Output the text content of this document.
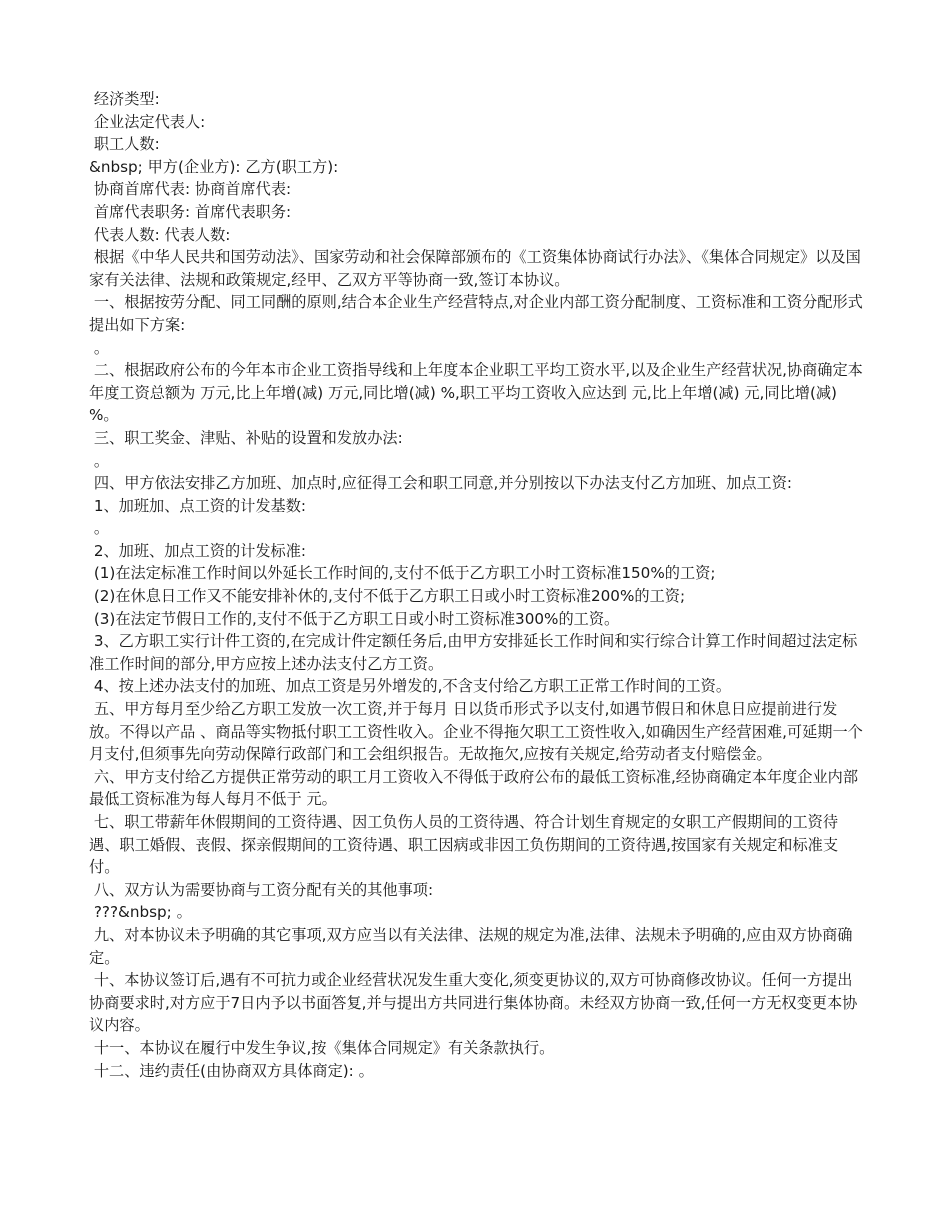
经济类型:

企业法定代表人:

职工人数:

&nbsp; 甲方(企业方): 乙方(职工方):

协商首席代表: 协商首席代表:

首席代表职务: 首席代表职务:

代表人数: 代表人数:

根据《中华人民共和国劳动法》、国家劳动和社会保障部颁布的《工资集体协商试行办法》、《集体合同规定》以及国家有关法律、法规和政策规定,经甲、乙双方平等协商一致,签订本协议。

一、根据按劳分配、同工同酬的原则,结合本企业生产经营特点,对企业内部工资分配制度、工资标准和工资分配形式提出如下方案:

。

二、根据政府公布的今年本市企业工资指导线和上年度本企业职工平均工资水平,以及企业生产经营状况,协商确定本年度工资总额为 万元,比上年增(减) 万元,同比增(减) %,职工平均工资收入应达到 元,比上年增(减) 元,同比增(减) %。

三、职工奖金、津贴、补贴的设置和发放办法:

。

四、甲方依法安排乙方加班、加点时,应征得工会和职工同意,并分别按以下办法支付乙方加班、加点工资:

1、加班加、点工资的计发基数:

。

2、加班、加点工资的计发标准:

(1)在法定标准工作时间以外延长工作时间的,支付不低于乙方职工小时工资标准150%的工资;

(2)在休息日工作又不能安排补休的,支付不低于乙方职工日或小时工资标准200%的工资;

(3)在法定节假日工作的,支付不低于乙方职工日或小时工资标准300%的工资。

3、乙方职工实行计件工资的,在完成计件定额任务后,由甲方安排延长工作时间和实行综合计算工作时间超过法定标准工作时间的部分,甲方应按上述办法支付乙方工资。

4、按上述办法支付的加班、加点工资是另外增发的,不含支付给乙方职工正常工作时间的工资。

五、甲方每月至少给乙方职工发放一次工资,并于每月 日以货币形式予以支付,如遇节假日和休息日应提前进行发放。不得以产品 、商品等实物抵付职工工资性收入。企业不得拖欠职工工资性收入,如确因生产经营困难,可延期一个月支付,但须事先向劳动保障行政部门和工会组织报告。无故拖欠,应按有关规定,给劳动者支付赔偿金。

六、甲方支付给乙方提供正常劳动的职工月工资收入不得低于政府公布的最低工资标准,经协商确定本年度企业内部最低工资标准为每人每月不低于 元。

七、职工带薪年休假期间的工资待遇、因工负伤人员的工资待遇、符合计划生育规定的女职工产假期间的工资待遇、职工婚假、丧假、探亲假期间的工资待遇、职工因病或非因工负伤期间的工资待遇,按国家有关规定和标准支付。

八、双方认为需要协商与工资分配有关的其他事项:

???&nbsp; 。

九、对本协议未予明确的其它事项,双方应当以有关法律、法规的规定为准,法律、法规未予明确的,应由双方协商确定。

十、本协议签订后,遇有不可抗力或企业经营状况发生重大变化,须变更协议的,双方可协商修改协议。任何一方提出协商要求时,对方应于7日内予以书面答复,并与提出方共同进行集体协商。未经双方协商一致,任何一方无权变更本协议内容。

十一、本协议在履行中发生争议,按《集体合同规定》有关条款执行。

十二、违约责任(由协商双方具体商定): 。
